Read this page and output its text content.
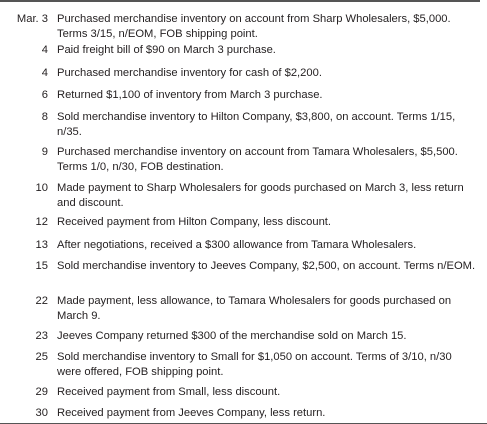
Mar. 3 Purchased merchandise inventory on account from Sharp Wholesalers, $5,000. Terms 3/15, n/EOM, FOB shipping point.
4 Paid freight bill of $90 on March 3 purchase.
4 Purchased merchandise inventory for cash of $2,200.
6 Returned $1,100 of inventory from March 3 purchase.
8 Sold merchandise inventory to Hilton Company, $3,800, on account. Terms 1/15, n/35.
9 Purchased merchandise inventory on account from Tamara Wholesalers, $5,500. Terms 1/0, n/30, FOB destination.
10 Made payment to Sharp Wholesalers for goods purchased on March 3, less return and discount.
12 Received payment from Hilton Company, less discount.
13 After negotiations, received a $300 allowance from Tamara Wholesalers.
15 Sold merchandise inventory to Jeeves Company, $2,500, on account. Terms n/EOM.
22 Made payment, less allowance, to Tamara Wholesalers for goods purchased on March 9.
23 Jeeves Company returned $300 of the merchandise sold on March 15.
25 Sold merchandise inventory to Small for $1,050 on account. Terms of 3/10, n/30 were offered, FOB shipping point.
29 Received payment from Small, less discount.
30 Received payment from Jeeves Company, less return.
